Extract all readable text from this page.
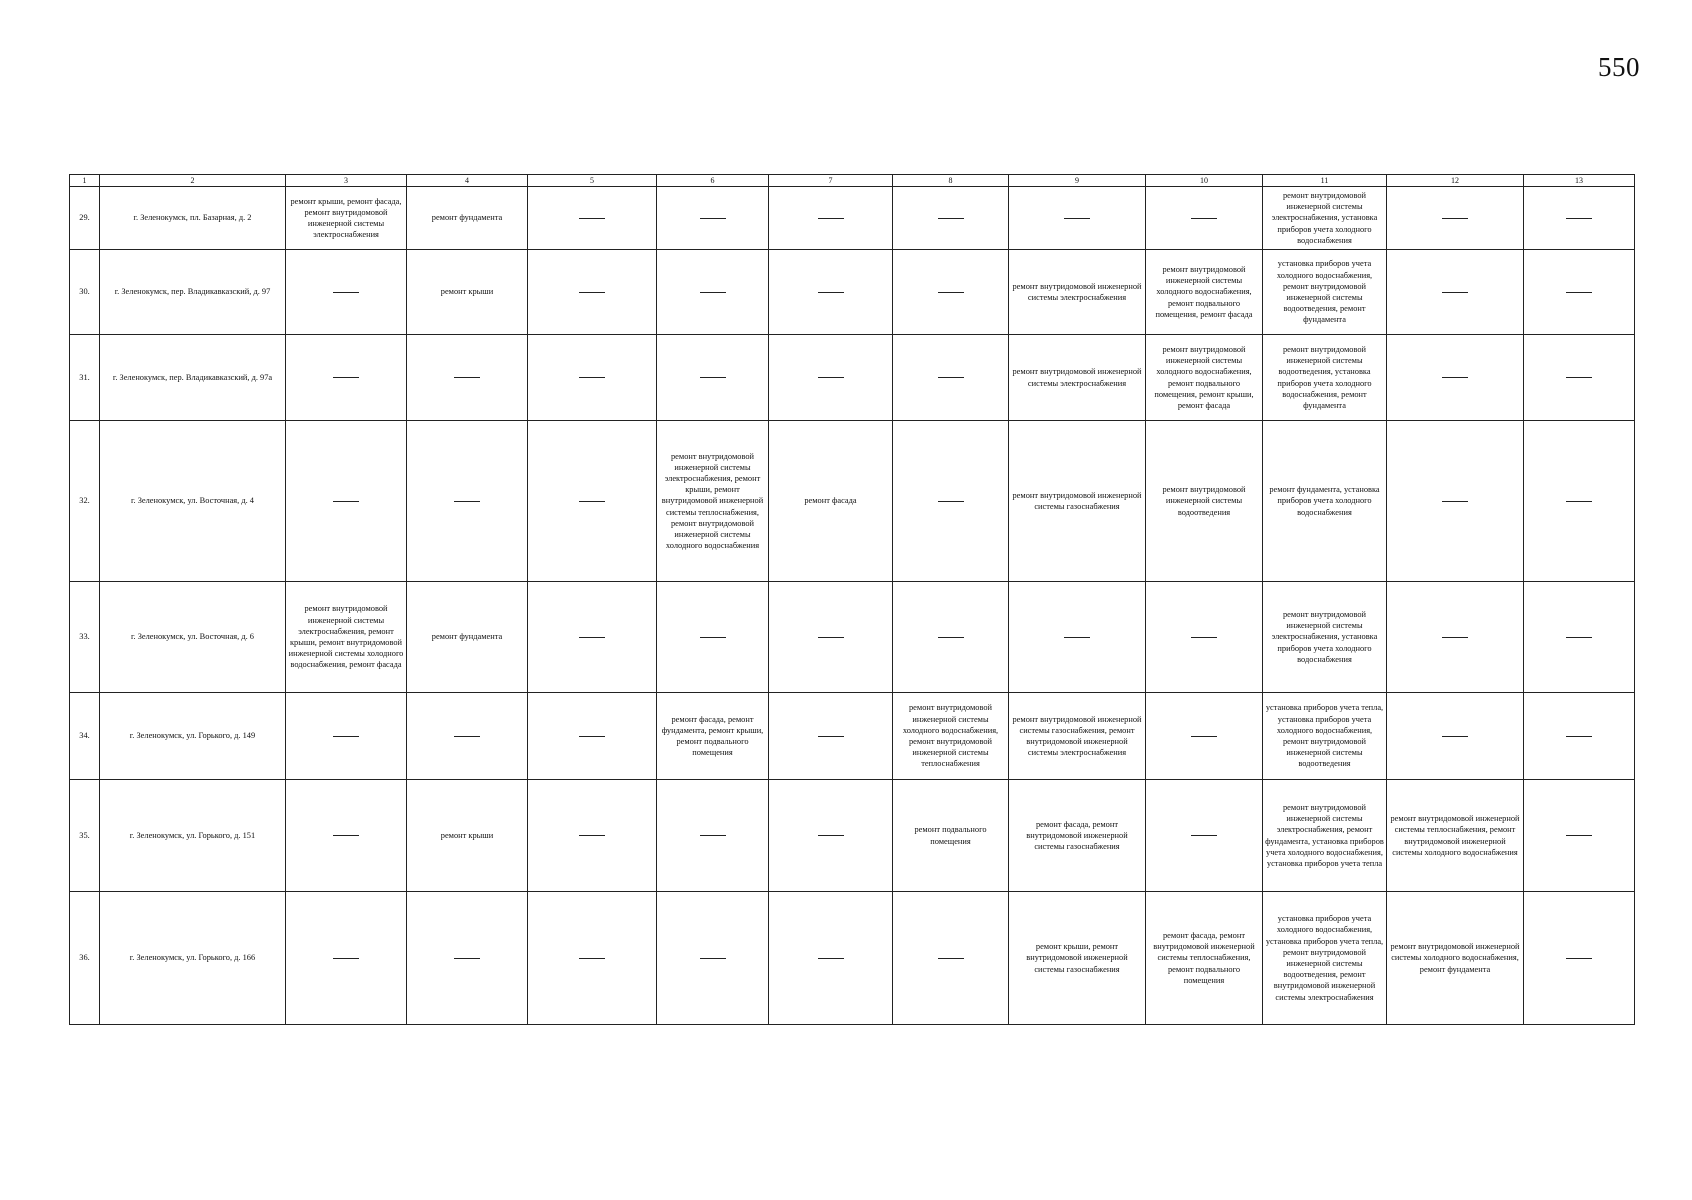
550
1	2	3	4	5	6	7	8	9	10	11	12	13
29.	г. Зеленокумск, пл. Базарная, д. 2	ремонт крыши, ремонт фасада, ремонт внутридомовой инженерной системы электроснабжения	ремонт фундамента							ремонт внутридомовой инженерной системы электроснабжения, установка приборов учета холодного водоснабжения		
30.	г. Зеленокумск, пер. Владикавказский, д. 97		ремонт крыши					ремонт внутридомовой инженерной системы электроснабжения	ремонт внутридомовой инженерной системы холодного водоснабжения, ремонт подвального помещения, ремонт фасада	установка приборов учета холодного водоснабжения, ремонт внутридомовой инженерной системы водоотведения, ремонт фундамента		
31.	г. Зеленокумск, пер. Владикавказский, д. 97а							ремонт внутридомовой инженерной системы электроснабжения	ремонт внутридомовой инженерной системы холодного водоснабжения, ремонт подвального помещения, ремонт крыши, ремонт фасада	ремонт внутридомовой инженерной системы водоотведения, установка приборов учета холодного водоснабжения, ремонт фундамента		
32.	г. Зеленокумск, ул. Восточная, д. 4				ремонт внутридомовой инженерной системы электроснабжения, ремонт крыши, ремонт внутридомовой инженерной системы теплоснабжения, ремонт внутридомовой инженерной системы холодного водоснабжения	ремонт фасада		ремонт внутридомовой инженерной системы газоснабжения	ремонт внутридомовой инженерной системы водоотведения	ремонт фундамента, установка приборов учета холодного водоснабжения		
33.	г. Зеленокумск, ул. Восточная, д. 6	ремонт внутридомовой инженерной системы электроснабжения, ремонт крыши, ремонт внутридомовой инженерной системы холодного водоснабжения, ремонт фасада	ремонт фундамента							ремонт внутридомовой инженерной системы электроснабжения, установка приборов учета холодного водоснабжения		
34.	г. Зеленокумск, ул. Горького, д. 149				ремонт фасада, ремонт фундамента, ремонт крыши, ремонт подвального помещения		ремонт внутридомовой инженерной системы холодного водоснабжения, ремонт внутридомовой инженерной системы теплоснабжения	ремонт внутридомовой инженерной системы газоснабжения, ремонт внутридомовой инженерной системы электроснабжения		установка приборов учета тепла, установка приборов учета холодного водоснабжения, ремонт внутридомовой инженерной системы водоотведения		
35.	г. Зеленокумск, ул. Горького, д. 151		ремонт крыши				ремонт подвального помещения	ремонт фасада, ремонт внутридомовой инженерной системы газоснабжения		ремонт внутридомовой инженерной системы электроснабжения, ремонт фундамента, установка приборов учета холодного водоснабжения, установка приборов учета тепла	ремонт внутридомовой инженерной системы теплоснабжения, ремонт внутридомовой инженерной системы холодного водоснабжения	
36.	г. Зеленокумск, ул. Горького, д. 166							ремонт крыши, ремонт внутридомовой инженерной системы газоснабжения	ремонт фасада, ремонт внутридомовой инженерной системы теплоснабжения, ремонт подвального помещения	установка приборов учета холодного водоснабжения, установка приборов учета тепла, ремонт внутридомовой инженерной системы водоотведения, ремонт внутридомовой инженерной системы электроснабжения	ремонт внутридомовой инженерной системы холодного водоснабжения, ремонт фундамента	
